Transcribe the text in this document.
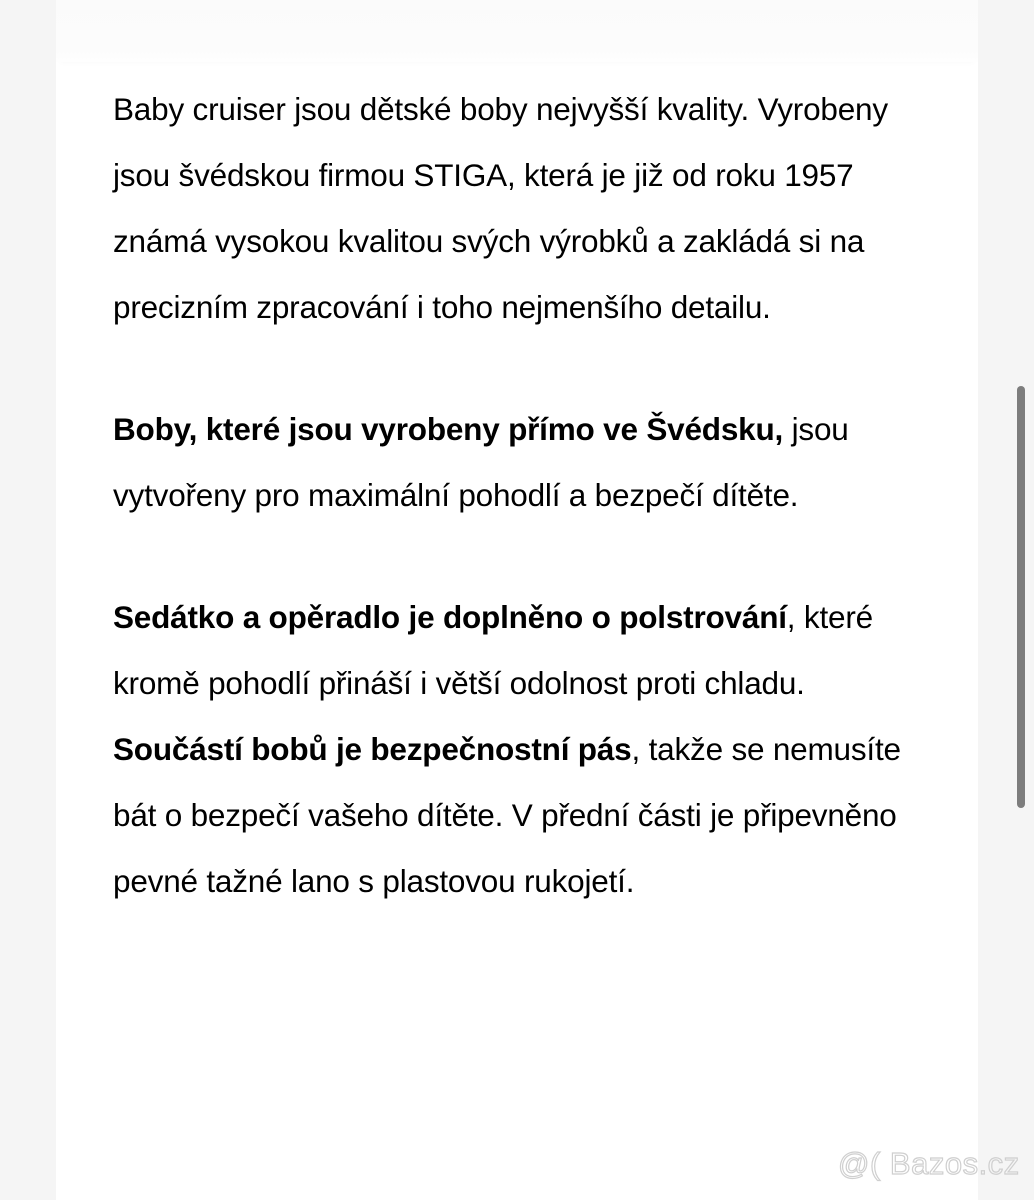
Baby cruiser jsou dětské boby nejvyšší kvality. Vyrobeny jsou švédskou firmou STIGA, která je již od roku 1957 známá vysokou kvalitou svých výrobků a zakládá si na precizním zpracování i toho nejmenšího detailu.

Boby, které jsou vyrobeny přímo ve Švédsku, jsou vytvořeny pro maximální pohodlí a bezpečí dítěte.

Sedátko a opěradlo je doplněno o polstrování, které kromě pohodlí přináší i větší odolnost proti chladu. Součástí bobů je bezpečnostní pás, takže se nemusíte bát o bezpečí vašeho dítěte. V přední části je připevněno pevné tažné lano s plastovou rukojetí.

@( Bazos.cz
